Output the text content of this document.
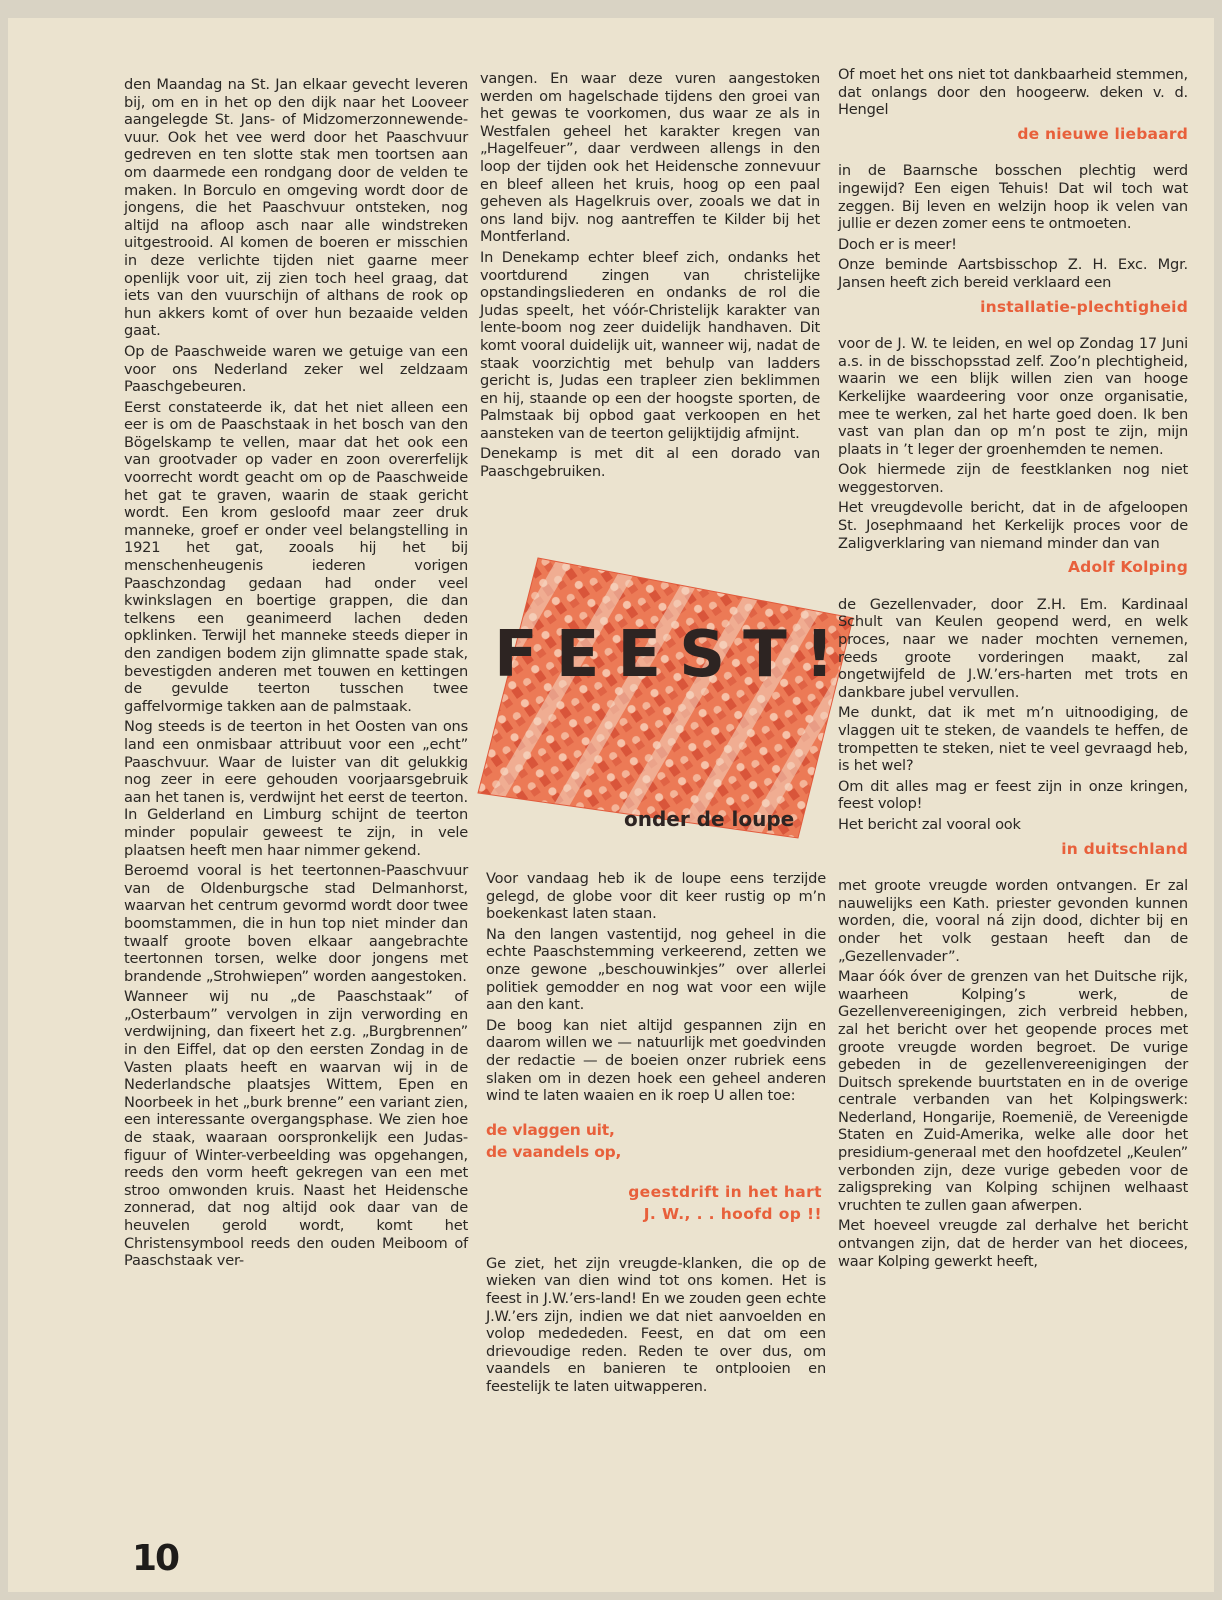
den Maandag na St. Jan elkaar gevecht leveren bij, om en in het op den dijk naar het Looveer aangelegde St. Jans- of Midzomerzonnewende-vuur. Ook het vee werd door het Paaschvuur gedreven en ten slotte stak men toortsen aan om daarmede een rondgang door de velden te maken. In Borculo en omgeving wordt door de jongens, die het Paaschvuur ontsteken, nog altijd na afloop asch naar alle windstreken uitgestrooid. Al komen de boeren er misschien in deze verlichte tijden niet gaarne meer openlijk voor uit, zij zien toch heel graag, dat iets van den vuurschijn of althans de rook op hun akkers komt of over hun bezaaide velden gaat.

Op de Paaschweide waren we getuige van een voor ons Nederland zeker wel zeldzaam Paaschgebeuren.

Eerst constateerde ik, dat het niet alleen een eer is om de Paaschstaak in het bosch van den Bögelskamp te vellen, maar dat het ook een van grootvader op vader en zoon overerfelijk voorrecht wordt geacht om op de Paaschweide het gat te graven, waarin de staak gericht wordt. Een krom gesloofd maar zeer druk manneke, groef er onder veel belangstelling in 1921 het gat, zooals hij het bij menschenheugenis iederen vorigen Paaschzondag gedaan had onder veel kwinkslagen en boertige grappen, die dan telkens een geanimeerd lachen deden opklinken. Terwijl het manneke steeds dieper in den zandigen bodem zijn glimnatte spade stak, bevestigden anderen met touwen en kettingen de gevulde teerton tusschen twee gaffelvormige takken aan de palmstaak.

Nog steeds is de teerton in het Oosten van ons land een onmisbaar attribuut voor een „echt” Paaschvuur. Waar de luister van dit gelukkig nog zeer in eere gehouden voorjaarsgebruik aan het tanen is, verdwijnt het eerst de teerton. In Gelderland en Limburg schijnt de teerton minder populair geweest te zijn, in vele plaatsen heeft men haar nimmer gekend.

Beroemd vooral is het teertonnen-Paaschvuur van de Oldenburgsche stad Delmanhorst, waarvan het centrum gevormd wordt door twee boomstammen, die in hun top niet minder dan twaalf groote boven elkaar aangebrachte teertonnen torsen, welke door jongens met brandende „Strohwiepen” worden aangestoken.

Wanneer wij nu „de Paaschstaak” of „Osterbaum” vervolgen in zijn verwording en verdwijning, dan fixeert het z.g. „Burgbrennen” in den Eiffel, dat op den eersten Zondag in de Vasten plaats heeft en waarvan wij in de Nederlandsche plaatsjes Wittem, Epen en Noorbeek in het „burk brenne” een variant zien, een interessante overgangsphase. We zien hoe de staak, waaraan oorspronkelijk een Judas-figuur of Winter-verbeelding was opgehangen, reeds den vorm heeft gekregen van een met stroo omwonden kruis. Naast het Heidensche zonnerad, dat nog altijd ook daar van de heuvelen gerold wordt, komt het Christensymbool reeds den ouden Meiboom of Paaschstaak ver-

vangen. En waar deze vuren aangestoken werden om hagelschade tijdens den groei van het gewas te voorkomen, dus waar ze als in Westfalen geheel het karakter kregen van „Hagelfeuer”, daar verdween allengs in den loop der tijden ook het Heidensche zonnevuur en bleef alleen het kruis, hoog op een paal geheven als Hagelkruis over, zooals we dat in ons land bijv. nog aantreffen te Kilder bij het Montferland.

In Denekamp echter bleef zich, ondanks het voortdurend zingen van christelijke opstandingsliederen en ondanks de rol die Judas speelt, het vóór-Christelijk karakter van lente-boom nog zeer duidelijk handhaven. Dit komt vooral duidelijk uit, wanneer wij, nadat de staak voorzichtig met behulp van ladders gericht is, Judas een trapleer zien beklimmen en hij, staande op een der hoogste sporten, de Palmstaak bij opbod gaat verkoopen en het aansteken van de teerton gelijktijdig afmijnt.

Denekamp is met dit al een dorado van Paaschgebruiken.

F E E S T !
onder de loupe

Voor vandaag heb ik de loupe eens terzijde gelegd, de globe voor dit keer rustig op m’n boekenkast laten staan.

Na den langen vastentijd, nog geheel in die echte Paaschstemming verkeerend, zetten we onze gewone „beschouwinkjes” over allerlei politiek gemodder en nog wat voor een wijle aan den kant.

De boog kan niet altijd gespannen zijn en daarom willen we — natuurlijk met goedvinden der redactie — de boeien onzer rubriek eens slaken om in dezen hoek een geheel anderen wind te laten waaien en ik roep U allen toe:

de vlaggen uit,
de vaandels op,
geestdrift in het hart
J. W., . . hoofd op !!

Ge ziet, het zijn vreugde-klanken, die op de wieken van dien wind tot ons komen. Het is feest in J.W.’ers-land! En we zouden geen echte J.W.’ers zijn, indien we dat niet aanvoelden en volop medededen. Feest, en dat om een drievoudige reden. Reden te over dus, om vaandels en banieren te ontplooien en feestelijk te laten uitwapperen.

Of moet het ons niet tot dankbaarheid stemmen, dat onlangs door den hoogeerw. deken v. d. Hengel

de nieuwe liebaard

in de Baarnsche bosschen plechtig werd ingewijd? Een eigen Tehuis! Dat wil toch wat zeggen. Bij leven en welzijn hoop ik velen van jullie er dezen zomer eens te ontmoeten.

Doch er is meer!

Onze beminde Aartsbisschop Z. H. Exc. Mgr. Jansen heeft zich bereid verklaard een

installatie-plechtigheid

voor de J. W. te leiden, en wel op Zondag 17 Juni a.s. in de bisschopsstad zelf. Zoo’n plechtigheid, waarin we een blijk willen zien van hooge Kerkelijke waardeering voor onze organisatie, mee te werken, zal het harte goed doen. Ik ben vast van plan dan op m’n post te zijn, mijn plaats in ’t leger der groenhemden te nemen.

Ook hiermede zijn de feestklanken nog niet weggestorven.

Het vreugdevolle bericht, dat in de afgeloopen St. Josephmaand het Kerkelijk proces voor de Zaligverklaring van niemand minder dan van

Adolf Kolping

de Gezellenvader, door Z.H. Em. Kardinaal Schult van Keulen geopend werd, en welk proces, naar we nader mochten vernemen, reeds groote vorderingen maakt, zal ongetwijfeld de J.W.’ers-harten met trots en dankbare jubel vervullen.

Me dunkt, dat ik met m’n uitnoodiging, de vlaggen uit te steken, de vaandels te heffen, de trompetten te steken, niet te veel gevraagd heb, is het wel?

Om dit alles mag er feest zijn in onze kringen, feest volop!

Het bericht zal vooral ook

in duitschland

met groote vreugde worden ontvangen. Er zal nauwelijks een Kath. priester gevonden kunnen worden, die, vooral ná zijn dood, dichter bij en onder het volk gestaan heeft dan de „Gezellenvader”.

Maar óók óver de grenzen van het Duitsche rijk, waarheen Kolping’s werk, de Gezellenvereenigingen, zich verbreid hebben, zal het bericht over het geopende proces met groote vreugde worden begroet. De vurige gebeden in de gezellenvereenigingen der Duitsch sprekende buurtstaten en in de overige centrale verbanden van het Kolpingswerk: Nederland, Hongarije, Roemenië, de Vereenigde Staten en Zuid-Amerika, welke alle door het presidium-generaal met den hoofdzetel „Keulen” verbonden zijn, deze vurige gebeden voor de zaligspreking van Kolping schijnen welhaast vruchten te zullen gaan afwerpen.

Met hoeveel vreugde zal derhalve het bericht ontvangen zijn, dat de herder van het diocees, waar Kolping gewerkt heeft,

10
